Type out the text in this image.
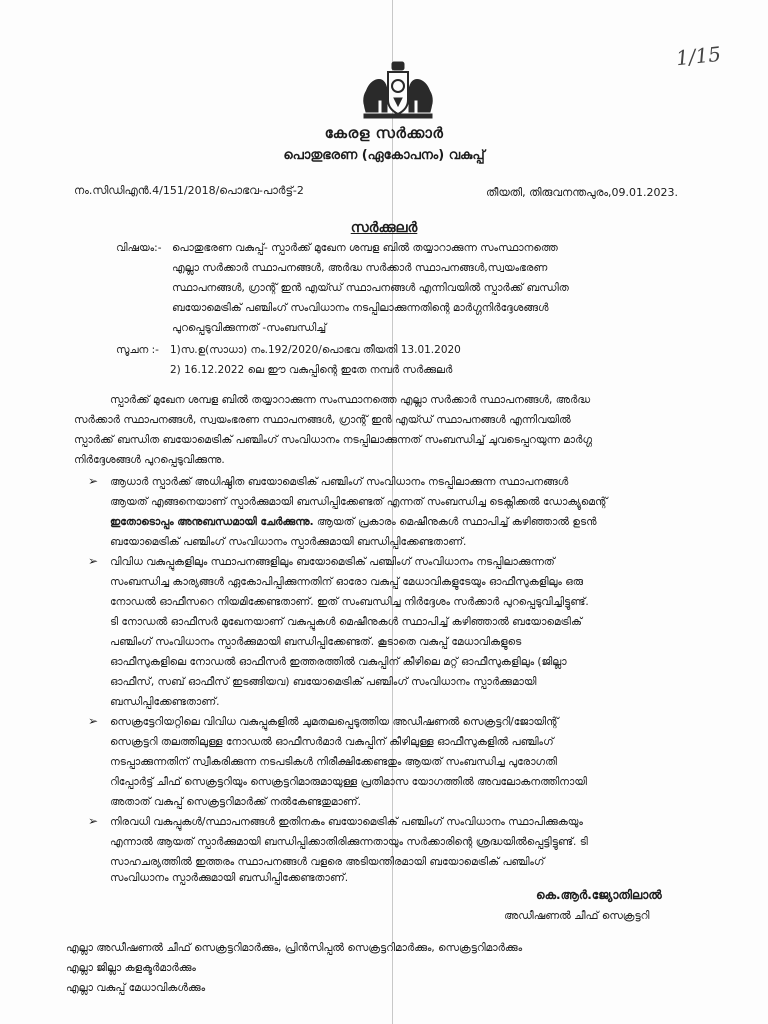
1/15
കേരള സർക്കാർ
പൊതുഭരണ (ഏകോപനം) വകുപ്പ്
നം.സിഡിഎൻ.4/151/2018/പൊഭവ-പാർട്ട്-2	തീയതി, തിരുവനന്തപുരം,09.01.2023.
സർക്കുലർ
വിഷയം:- പൊതുഭരണ വകുപ്പ്- സ്പാർക്ക് മുഖേന ശമ്പള ബിൽ തയ്യാറാക്കുന്ന സംസ്ഥാനത്തെ
എല്ലാ സർക്കാർ സ്ഥാപനങ്ങൾ, അർദ്ധ സർക്കാർ സ്ഥാപനങ്ങൾ,സ്വയംഭരണ
സ്ഥാപനങ്ങൾ, ഗ്രാന്റ് ഇൻ എയ്ഡ് സ്ഥാപനങ്ങൾ എന്നിവയിൽ സ്പാർക്ക് ബന്ധിത
ബയോമെട്രിക് പഞ്ചിംഗ് സംവിധാനം നടപ്പിലാക്കുന്നതിന്റെ മാർഗ്ഗനിർദ്ദേശങ്ങൾ
പുറപ്പെടുവിക്കുന്നത് -സംബന്ധിച്ച്
സൂചന :- 1)സ.ഉ(സാധാ) നം.192/2020/പൊഭവ തീയതി 13.01.2020
2) 16.12.2022 ലെ ഈ വകുപ്പിന്റെ ഇതേ നമ്പർ സർക്കുലർ
സ്പാർക്ക് മുഖേന ശമ്പള ബിൽ തയ്യാറാക്കുന്ന സംസ്ഥാനത്തെ എല്ലാ സർക്കാർ സ്ഥാപനങ്ങൾ, അർദ്ധ
സർക്കാർ സ്ഥാപനങ്ങൾ, സ്വയംഭരണ സ്ഥാപനങ്ങൾ, ഗ്രാന്റ് ഇൻ എയ്ഡ് സ്ഥാപനങ്ങൾ എന്നിവയിൽ
സ്പാർക്ക് ബന്ധിത ബയോമെട്രിക് പഞ്ചിംഗ് സംവിധാനം നടപ്പിലാക്കുന്നത് സംബന്ധിച്ച് ചുവടെപ്പറയുന്ന മാർഗ്ഗ
നിർദ്ദേശങ്ങൾ പുറപ്പെടുവിക്കുന്നു.
➢ ആധാർ സ്പാർക്ക് അധിഷ്ഠിത ബയോമെട്രിക് പഞ്ചിംഗ് സംവിധാനം നടപ്പിലാക്കുന്ന സ്ഥാപനങ്ങൾ
ആയത് എങ്ങനെയാണ് സ്പാർക്കുമായി ബന്ധിപ്പിക്കേണ്ടത് എന്നത് സംബന്ധിച്ച ടെക്നിക്കൽ ഡോക്യുമെന്റ്
ഇതോടൊപ്പം അനുബന്ധമായി ചേർക്കുന്നു. ആയത് പ്രകാരം മെഷീനുകൾ സ്ഥാപിച്ച് കഴിഞ്ഞാൽ ഉടൻ
ബയോമെട്രിക് പഞ്ചിംഗ് സംവിധാനം സ്പാർക്കുമായി ബന്ധിപ്പിക്കേണ്ടതാണ്.
➢ വിവിധ വകുപ്പുകളിലും സ്ഥാപനങ്ങളിലും ബയോമെട്രിക് പഞ്ചിംഗ് സംവിധാനം നടപ്പിലാക്കുന്നത്
സംബന്ധിച്ച കാര്യങ്ങൾ ഏകോപിപ്പിക്കുന്നതിന് ഓരോ വകുപ്പ് മേധാവികളുടേയും ഓഫീസുകളിലും ഒരു
നോഡൽ ഓഫീസറെ നിയമിക്കേണ്ടതാണ്. ഇത് സംബന്ധിച്ച നിർദ്ദേശം സർക്കാർ പുറപ്പെടുവിച്ചിട്ടുണ്ട്.
ടി നോഡൽ ഓഫീസർ മുഖേനയാണ് വകുപ്പുകൾ മെഷീനുകൾ സ്ഥാപിച്ച് കഴിഞ്ഞാൽ ബയോമെട്രിക്
പഞ്ചിംഗ് സംവിധാനം സ്പാർക്കുമായി ബന്ധിപ്പിക്കേണ്ടത്. കൂടാതെ വകുപ്പ് മേധാവികളുടെ
ഓഫീസുകളിലെ നോഡൽ ഓഫീസർ ഇത്തരത്തിൽ വകുപ്പിന് കീഴിലെ മറ്റ് ഓഫീസുകളിലും (ജില്ലാ
ഓഫീസ്, സബ് ഓഫീസ് ഇടങ്ങിയവ) ബയോമെട്രിക് പഞ്ചിംഗ് സംവിധാനം സ്പാർക്കുമായി
ബന്ധിപ്പിക്കേണ്ടതാണ്.
➢ സെക്രട്ടേറിയറ്റിലെ വിവിധ വകുപ്പുകളിൽ ചുമതലപ്പെടുത്തിയ അഡീഷണൽ സെക്രട്ടറി/ജോയിന്റ്
സെക്രട്ടറി തലത്തിലുള്ള നോഡൽ ഓഫീസർമാർ വകുപ്പിന് കീഴിലുള്ള ഓഫീസുകളിൽ പഞ്ചിംഗ്
നടപ്പാക്കുന്നതിന് സ്വീകരിക്കുന്ന നടപടികൾ നിരീക്ഷിക്കേണ്ടതും ആയത് സംബന്ധിച്ച പുരോഗതി
റിപ്പോർട്ട് ചീഫ് സെക്രട്ടറിയും സെക്രട്ടറിമാരുമായുള്ള പ്രതിമാസ യോഗത്തിൽ അവലോകനത്തിനായി
അതാത് വകുപ്പ് സെക്രട്ടറിമാർക്ക് നൽകേണ്ടതുമാണ്.
➢ നിരവധി വകുപ്പുകൾ/സ്ഥാപനങ്ങൾ ഇതിനകം ബയോമെട്രിക് പഞ്ചിംഗ് സംവിധാനം സ്ഥാപിക്കുകയും
എന്നാൽ ആയത് സ്പാർക്കുമായി ബന്ധിപ്പിക്കാതിരിക്കുന്നതായും സർക്കാരിന്റെ ശ്രദ്ധയിൽപ്പെട്ടിട്ടുണ്ട്. ടി
സാഹചര്യത്തിൽ ഇത്തരം സ്ഥാപനങ്ങൾ വളരെ അടിയന്തിരമായി ബയോമെട്രിക് പഞ്ചിംഗ്
സംവിധാനം സ്പാർക്കുമായി ബന്ധിപ്പിക്കേണ്ടതാണ്.
കെ.ആർ.ജ്യോതിലാൽ
അഡീഷണൽ ചീഫ് സെക്രട്ടറി
എല്ലാ അഡീഷണൽ ചീഫ് സെക്രട്ടറിമാർക്കും, പ്രിൻസിപ്പൽ സെക്രട്ടറിമാർക്കും, സെക്രട്ടറിമാർക്കും
എല്ലാ ജില്ലാ കളക്ടർമാർക്കും
എല്ലാ വകുപ്പ് മേധാവികൾക്കും
